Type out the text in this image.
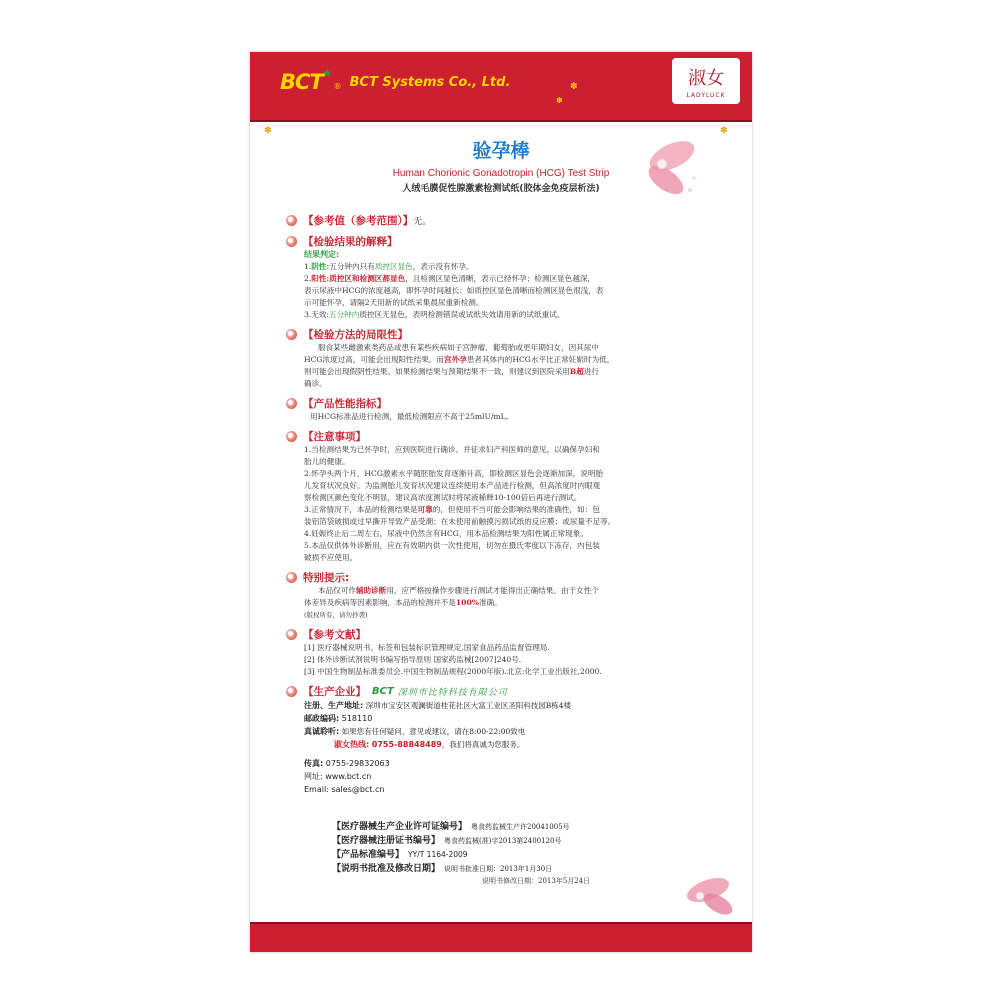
BCT ★
® BCT Systems Co., Ltd.	淑女
LADYLUCK
✽
✽
✽
✽
验孕棒
Human Chorionic Gonadotropin (HCG) Test Strip
人绒毛膜促性腺激素检测试纸(胶体金免疫层析法)
【参考值（参考范围）】 无。
【检验结果的解释】
结果判定:
1.阴性:五分钟内只有质控区显色，表示没有怀孕。
2.阳性:质控区和检测区都显色，且检测区显色清晰，表示已经怀孕；检测区显色越深，
表示尿液中HCG的浓度越高，即怀孕时间越长；如质控区显色清晰而检测区显色很浅，表
示可能怀孕，请隔2天用新的试纸采集晨尿重新检测。
3.无效:五分钟内质控区无显色，表明检测错误或试纸失效请用新的试纸重试。
【检验方法的局限性】
服食某些雌激素类药品或患有某些疾病如子宫肿瘤、葡萄胎或更年期妇女，因其尿中
HCG浓度过高，可能会出现阳性结果。而宫外孕患者其体内的HCG水平比正常妊娠时为低，
则可能会出现假阴性结果。如果检测结果与预期结果不一致，则建议到医院采用B超进行
确诊。
【产品性能指标】
用HCG标准品进行检测，最低检测限应不高于25mlU/mL。
【注意事项】
1.当检测结果为已怀孕时，应到医院进行确诊。并征求妇产科医师的意见，以确保孕妇和
胎儿的健康。
2.怀孕头两个月，HCG激素水平随胚胎发育逐渐升高，即检测区显色会逐渐加深，说明胎
儿发育状况良好。为监测胎儿发育状况建议连续使用本产品进行检测，但高浓度时内眼观
察检测区颜色变化不明显，建议高浓度测试时将尿液稀释10-100倍后再进行测试。
3.正常情况下，本品的检测结果是可靠的，但使用不当可能会影响结果的准确性，如：包
装铝箔袋破损或过早撕开导致产品受潮；在未使用前触摸污损试纸的反应膜；或尿量不足等。
4.妊娠终止后二周左右，尿液中仍然含有HCG，用本品检测结果为阳性属正常现象。
5.本品仅供体外诊断用，应在有效期内供一次性使用，切勿在摄氏零度以下冻存，内包装
破损不应使用。
特别提示:
本品仅可作辅助诊断用，应严格按操作步骤进行测试才能得出正确结果。由于女性个
体差异及疾病等因素影响，本品的检测并不是100%准确。
(版权所有，请勿抄袭)
【参考文献】
[1] 医疗器械说明书、标签和包装标识管理规定,国家食品药品监督管理局.
[2] 体外诊断试剂说明书编写指导原则 国家药监械[2007]240号.
[3] 中国生物制品标准委员会.中国生物制品规程(2000年版).北京:化学工业出版社,2000.
【生产企业】 BCT 深圳市比特科技有限公司
注册、生产地址: 深圳市宝安区观澜街道桂花社区大富工业区圣阳科技园B栋4楼
邮政编码: 518110
真诚聆听: 如果您有任何疑问、意见或建议，请在8:00-22:00致电
淑女热线: 0755-88848489，我们将真诚为您服务。
传真: 0755-29832063
网址: www.bct.cn
Email: sales@bct.cn
【医疗器械生产企业许可证编号】 粤食药监械生产许20041005号
【医疗器械注册证书编号】 粤食药监械(准)字2013第2400120号
【产品标准编号】 YY/T 1164-2009
【说明书批准及修改日期】 说明书批准日期：2013年1月30日
说明书修改日期：2013年5月24日
